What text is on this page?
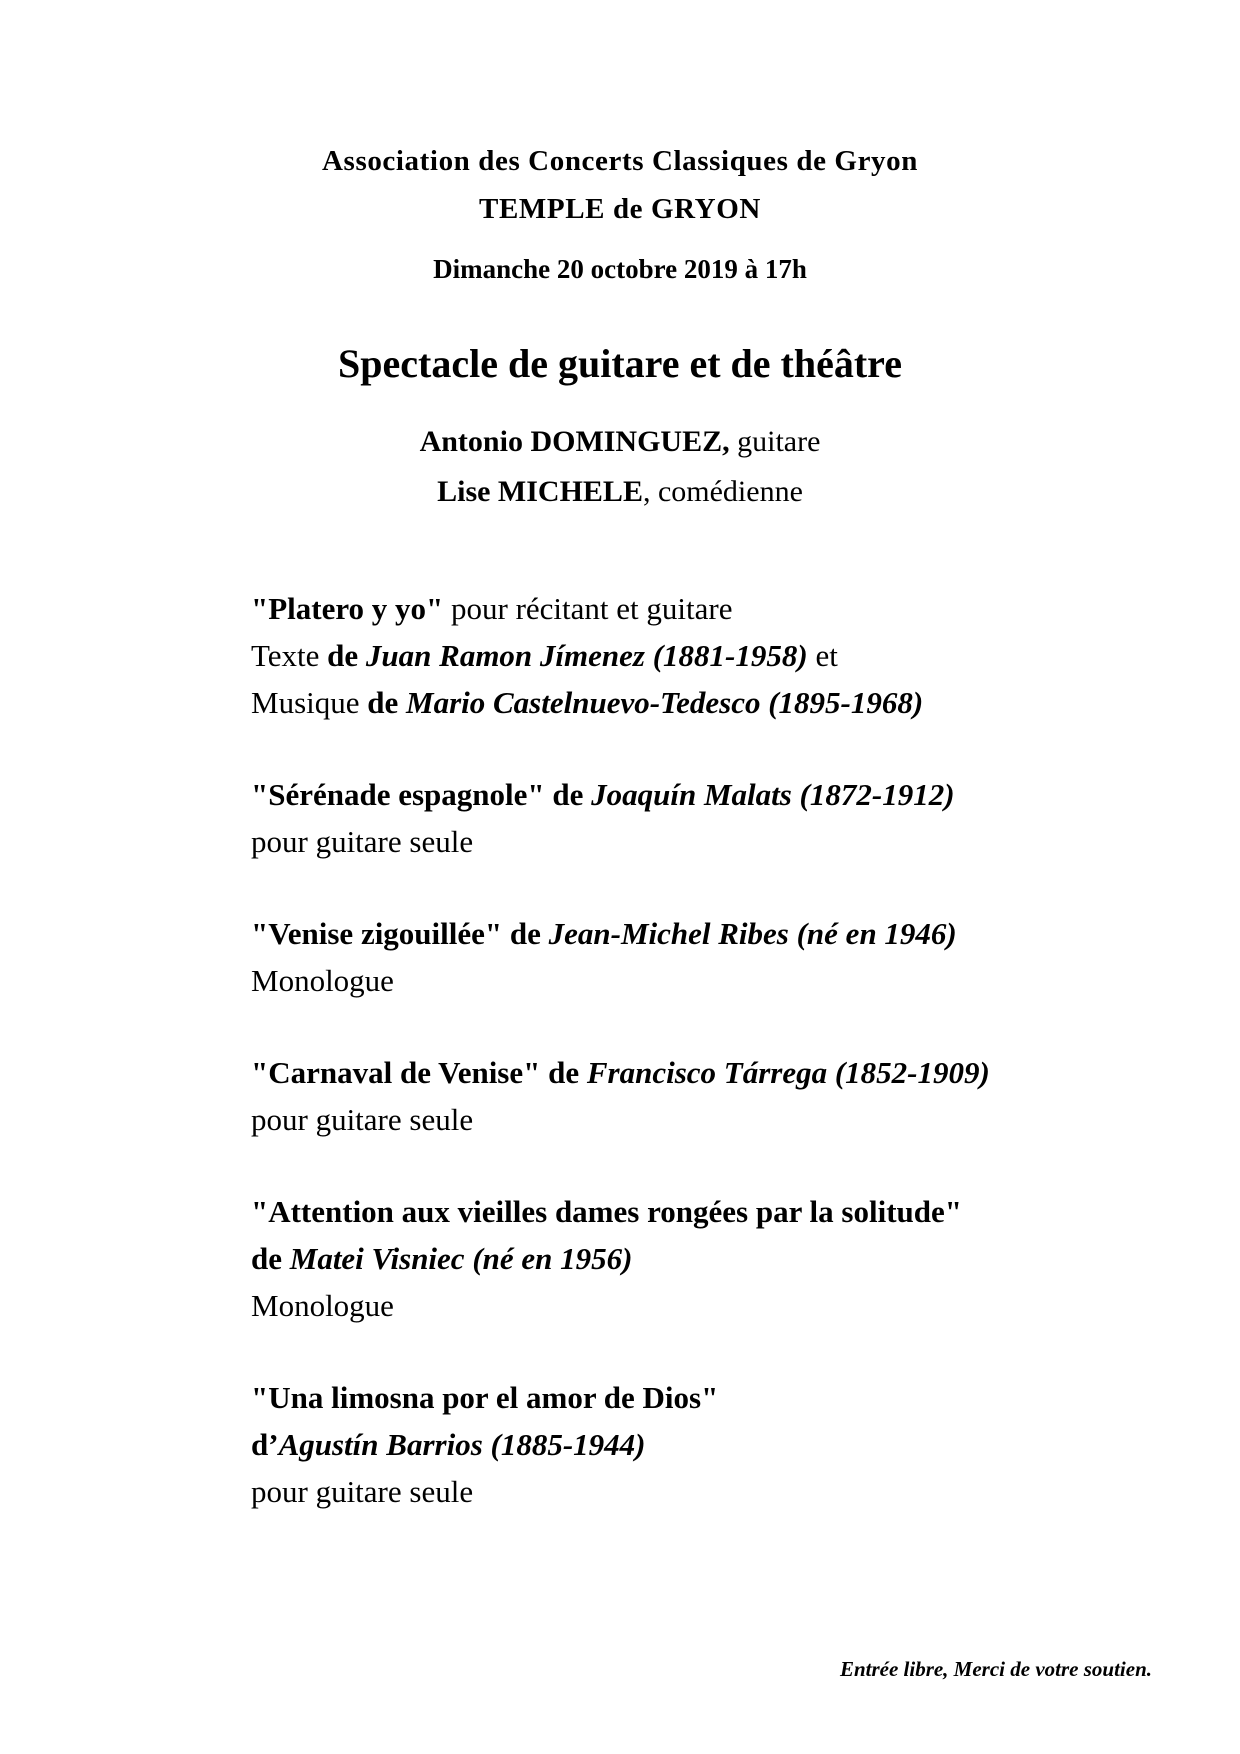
Association des Concerts Classiques de Gryon
TEMPLE de GRYON
Dimanche 20 octobre 2019 à 17h
Spectacle de guitare et de théâtre
Antonio DOMINGUEZ, guitare
Lise MICHELE, comédienne
"Platero y yo" pour récitant et guitare
Texte de Juan Ramon Jímenez (1881-1958) et
Musique de Mario Castelnuevo-Tedesco (1895-1968)
"Sérénade espagnole" de Joaquín Malats (1872-1912)
pour guitare seule
"Venise zigouillée" de Jean-Michel Ribes (né en 1946)
Monologue
"Carnaval de Venise" de Francisco Tárrega (1852-1909)
pour guitare seule
"Attention aux vieilles dames rongées par la solitude"
de Matei Visniec (né en 1956)
Monologue
"Una limosna por el amor de Dios"
d’Agustín Barrios (1885-1944)
pour guitare seule
Entrée libre, Merci de votre soutien.
